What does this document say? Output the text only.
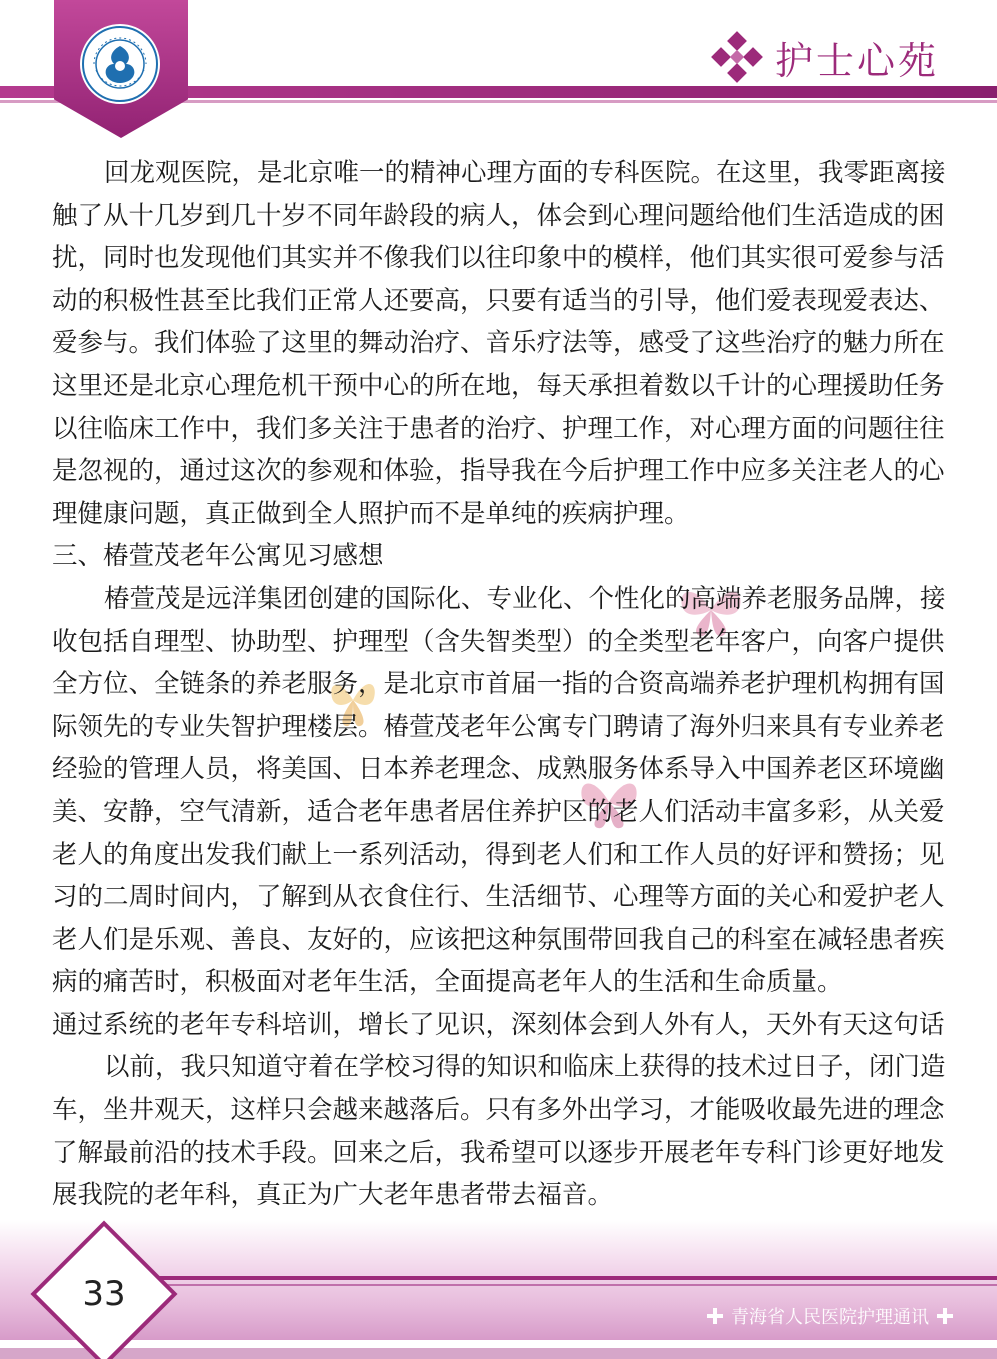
护士心苑
回龙观医院，是北京唯一的精神心理方面的专科医院。在这里，我零距离接
触了从十几岁到几十岁不同年龄段的病人，体会到心理问题给他们生活造成的困
扰，同时也发现他们其实并不像我们以往印象中的模样，他们其实很可爱参与活
动的积极性甚至比我们正常人还要高，只要有适当的引导，他们爱表现爱表达、
爱参与。我们体验了这里的舞动治疗、音乐疗法等，感受了这些治疗的魅力所在
这里还是北京心理危机干预中心的所在地，每天承担着数以千计的心理援助任务
以往临床工作中，我们多关注于患者的治疗、护理工作，对心理方面的问题往往
是忽视的，通过这次的参观和体验，指导我在今后护理工作中应多关注老人的心
理健康问题，真正做到全人照护而不是单纯的疾病护理。
三、椿萱茂老年公寓见习感想
椿萱茂是远洋集团创建的国际化、专业化、个性化的高端养老服务品牌，接
收包括自理型、协助型、护理型（含失智类型）的全类型老年客户，向客户提供
全方位、全链条的养老服务，是北京市首届一指的合资高端养老护理机构拥有国
际领先的专业失智护理楼层。椿萱茂老年公寓专门聘请了海外归来具有专业养老
经验的管理人员，将美国、日本养老理念、成熟服务体系导入中国养老区环境幽
美、安静，空气清新，适合老年患者居住养护区的老人们活动丰富多彩，从关爱
老人的角度出发我们献上一系列活动，得到老人们和工作人员的好评和赞扬；见
习的二周时间内，了解到从衣食住行、生活细节、心理等方面的关心和爱护老人
老人们是乐观、善良、友好的，应该把这种氛围带回我自己的科室在减轻患者疾
病的痛苦时，积极面对老年生活，全面提高老年人的生活和生命质量。
通过系统的老年专科培训，增长了见识，深刻体会到人外有人，天外有天这句话
以前，我只知道守着在学校习得的知识和临床上获得的技术过日子，闭门造
车，坐井观天，这样只会越来越落后。只有多外出学习，才能吸收最先进的理念
了解最前沿的技术手段。回来之后，我希望可以逐步开展老年专科门诊更好地发
展我院的老年科，真正为广大老年患者带去福音。
33
青海省人民医院护理通讯
